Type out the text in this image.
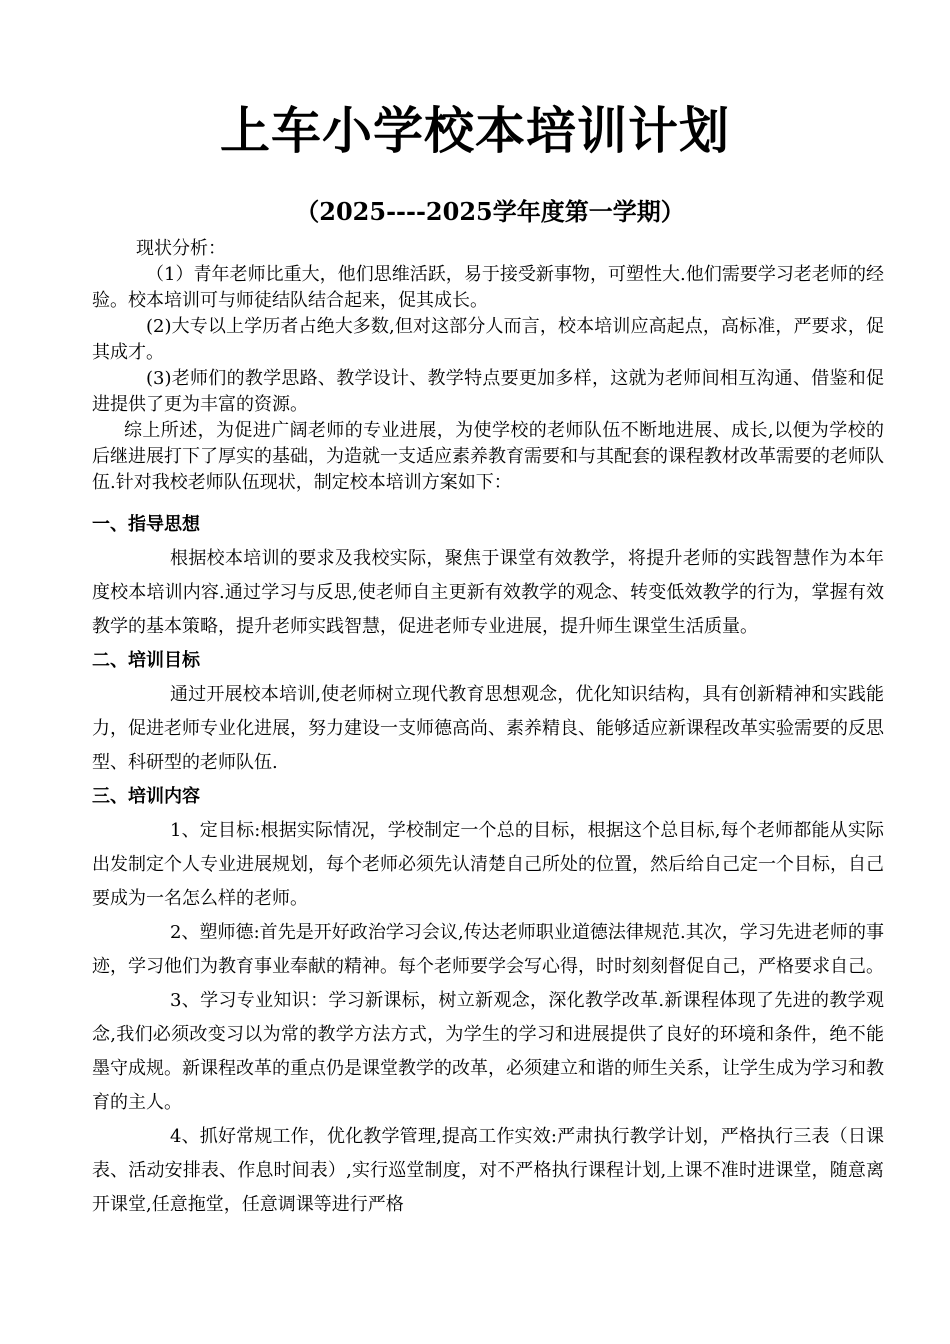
上车小学校本培训计划
（2025----2025学年度第一学期）

现状分析：

（1）青年老师比重大，他们思维活跃，易于接受新事物，可塑性大.他们需要学习老老师的经验。校本培训可与师徒结队结合起来，促其成长。

(2)大专以上学历者占绝大多数,但对这部分人而言，校本培训应高起点，高标准，严要求，促其成才。

(3)老师们的教学思路、教学设计、教学特点要更加多样，这就为老师间相互沟通、借鉴和促进提供了更为丰富的资源。

综上所述，为促进广阔老师的专业进展，为使学校的老师队伍不断地进展、成长,以便为学校的后继进展打下了厚实的基础，为造就一支适应素养教育需要和与其配套的课程教材改革需要的老师队伍.针对我校老师队伍现状，制定校本培训方案如下：

一、指导思想

根据校本培训的要求及我校实际，聚焦于课堂有效教学，将提升老师的实践智慧作为本年度校本培训内容.通过学习与反思,使老师自主更新有效教学的观念、转变低效教学的行为，掌握有效教学的基本策略，提升老师实践智慧，促进老师专业进展，提升师生课堂生活质量。

二、培训目标

通过开展校本培训,使老师树立现代教育思想观念，优化知识结构，具有创新精神和实践能力，促进老师专业化进展，努力建设一支师德高尚、素养精良、能够适应新课程改革实验需要的反思型、科研型的老师队伍.

三、培训内容

1、定目标:根据实际情况，学校制定一个总的目标，根据这个总目标,每个老师都能从实际出发制定个人专业进展规划，每个老师必须先认清楚自己所处的位置，然后给自己定一个目标，自己要成为一名怎么样的老师。

2、塑师德:首先是开好政治学习会议,传达老师职业道德法律规范.其次，学习先进老师的事迹，学习他们为教育事业奉献的精神。每个老师要学会写心得，时时刻刻督促自己，严格要求自己。

3、学习专业知识：学习新课标，树立新观念，深化教学改革.新课程体现了先进的教学观念,我们必须改变习以为常的教学方法方式，为学生的学习和进展提供了良好的环境和条件，绝不能墨守成规。新课程改革的重点仍是课堂教学的改革，必须建立和谐的师生关系，让学生成为学习和教育的主人。

4、抓好常规工作，优化教学管理,提高工作实效:严肃执行教学计划，严格执行三表（日课表、活动安排表、作息时间表）,实行巡堂制度，对不严格执行课程计划,上课不准时进课堂，随意离开课堂,任意拖堂，任意调课等进行严格
